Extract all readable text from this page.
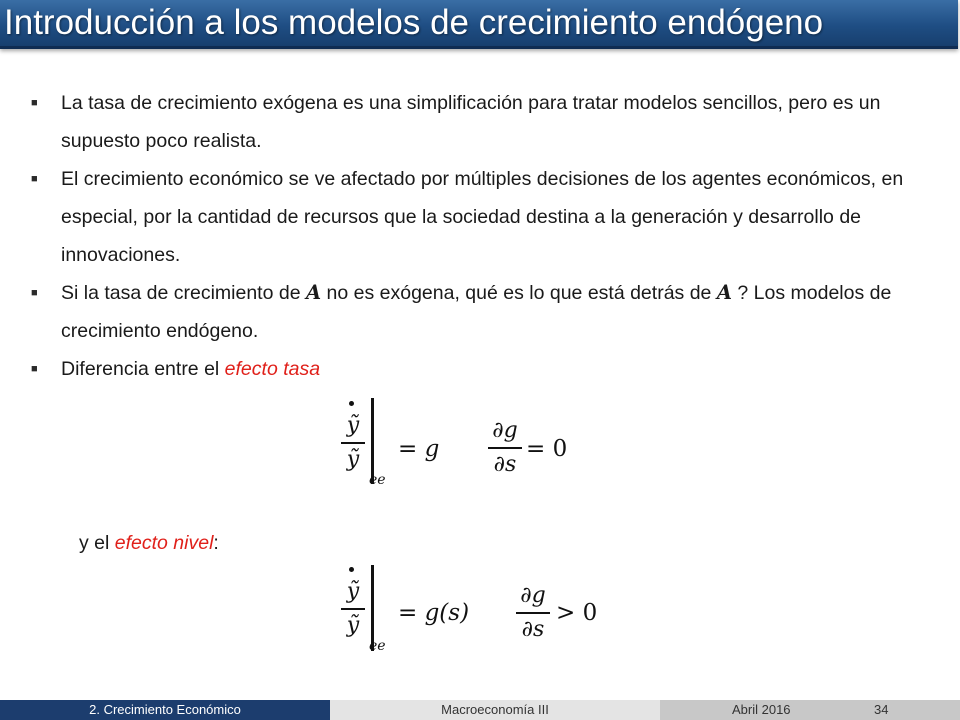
Introducción a los modelos de crecimiento endógeno
■ La tasa de crecimiento exógena es una simplificación para tratar modelos sencillos, pero es un supuesto poco realista.
■ El crecimiento económico se ve afectado por múltiples decisiones de los agentes económicos, en especial, por la cantidad de recursos que la sociedad destina a la generación y desarrollo de innovaciones.
■ Si la tasa de crecimiento de A no es exógena, qué es lo que está detrás de A ? Los modelos de crecimiento endógeno.
■ Diferencia entre el efecto tasa
ỹ
ỹ
ee
= g
∂g
∂s
= 0
y el efecto nivel:
ỹ
ỹ
ee
= g(s)
∂g
∂s
> 0
2. Crecimiento Económico	Macroeconomía III	Abril 2016	34
